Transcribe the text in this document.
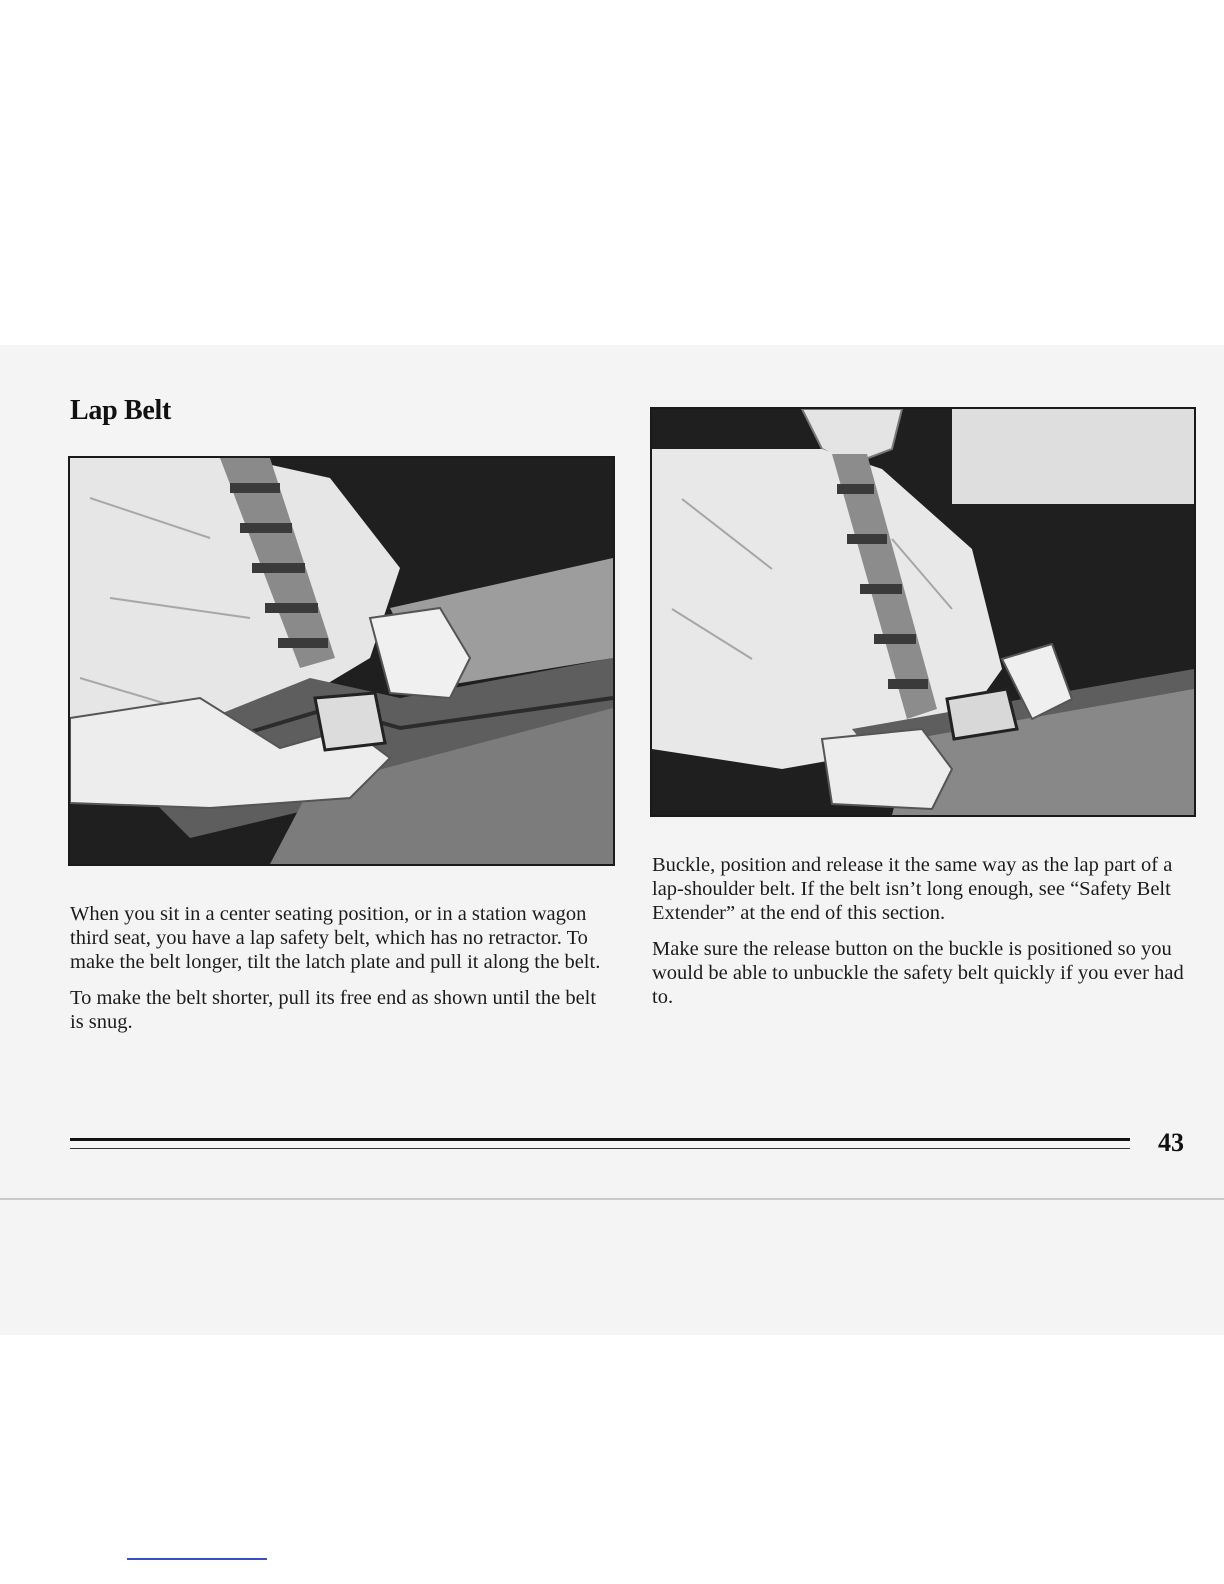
Lap Belt

When you sit in a center seating position, or in a station wagon third seat, you have a lap safety belt, which has no retractor. To make the belt longer, tilt the latch plate and pull it along the belt.

To make the belt shorter, pull its free end as shown until the belt is snug.

Buckle, position and release it the same way as the lap part of a lap-shoulder belt. If the belt isn’t long enough, see “Safety Belt Extender” at the end of this section.

Make sure the release button on the buckle is positioned so you would be able to unbuckle the safety belt quickly if you ever had to.

43
